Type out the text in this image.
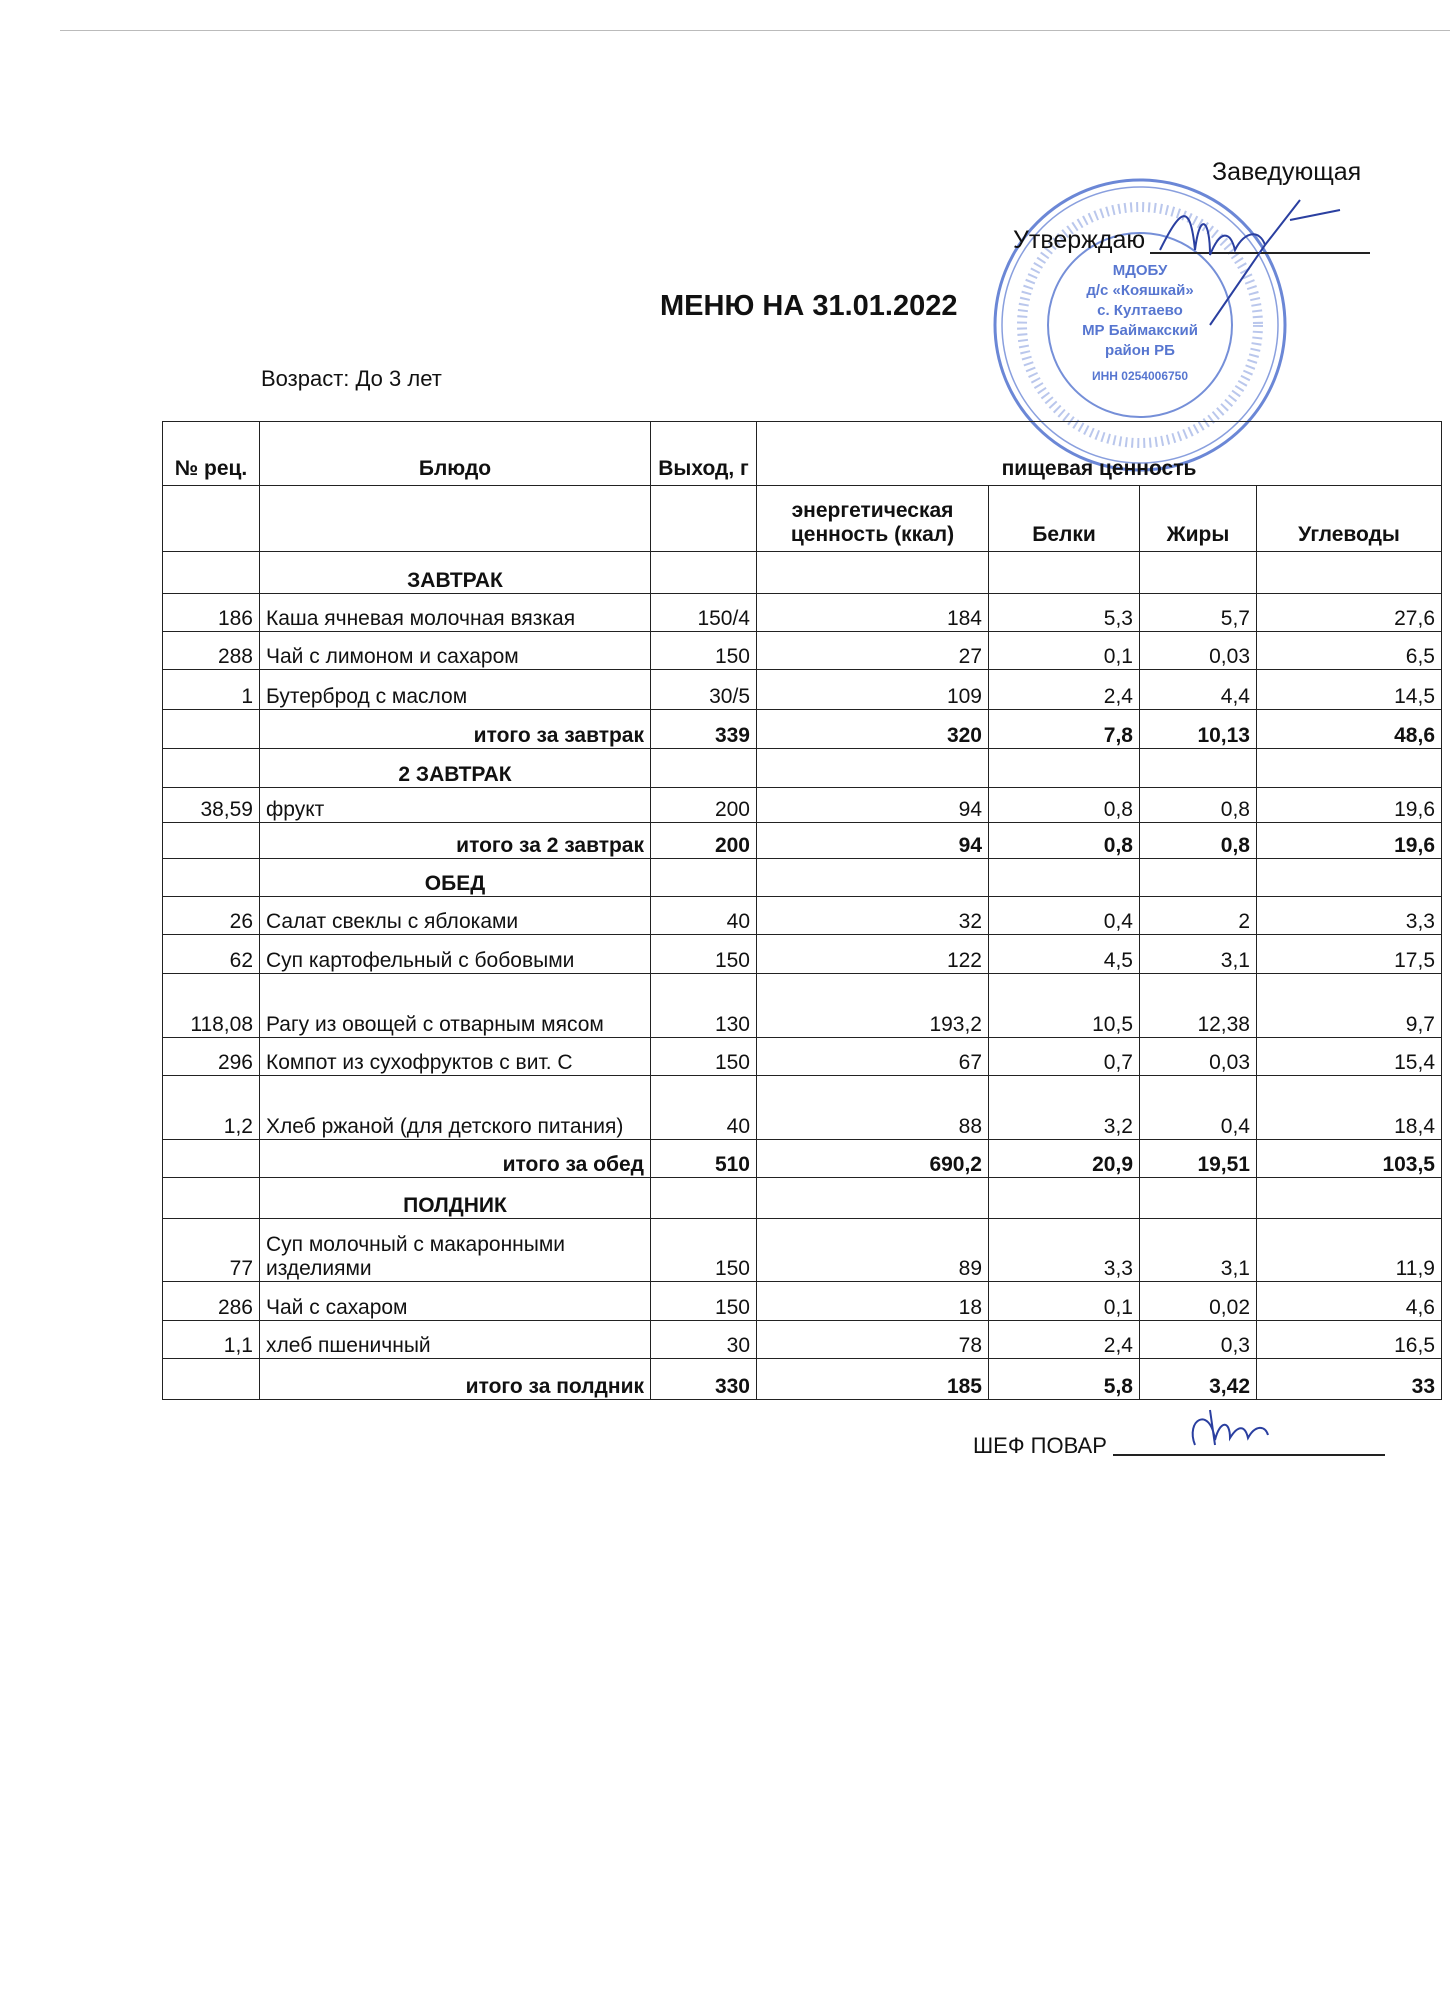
МДОБУ
д/с «Кояшкай»
с. Култаево
МР Баймакский
район РБ
ИНН 0254006750
Заведующая
Утверждаю
МЕНЮ НА 31.01.2022
Возраст: До 3 лет
№ рец.	Блюдо	Выход, г	пищевая ценность			
			энергетическая ценность (ккал)	Белки	Жиры	Углеводы
	ЗАВТРАК					
186	Каша ячневая молочная вязкая	150/4	184	5,3	5,7	27,6
288	Чай с лимоном и сахаром	150	27	0,1	0,03	6,5
1	Бутерброд с маслом	30/5	109	2,4	4,4	14,5
	итого за завтрак	339	320	7,8	10,13	48,6
	2 ЗАВТРАК					
38,59	фрукт	200	94	0,8	0,8	19,6
	итого за 2 завтрак	200	94	0,8	0,8	19,6
	ОБЕД					
26	Салат свеклы с яблоками	40	32	0,4	2	3,3
62	Суп картофельный с бобовыми	150	122	4,5	3,1	17,5
118,08	Рагу из овощей с отварным мясом	130	193,2	10,5	12,38	9,7
296	Компот из сухофруктов с вит. С	150	67	0,7	0,03	15,4
1,2	Хлеб ржаной (для детского питания)	40	88	3,2	0,4	18,4
	итого за обед	510	690,2	20,9	19,51	103,5
	ПОЛДНИК					
77	Суп молочный с макаронными изделиями	150	89	3,3	3,1	11,9
286	Чай с сахаром	150	18	0,1	0,02	4,6
1,1	хлеб пшеничный	30	78	2,4	0,3	16,5
	итого за полдник	330	185	5,8	3,42	33
ШЕФ ПОВАР
